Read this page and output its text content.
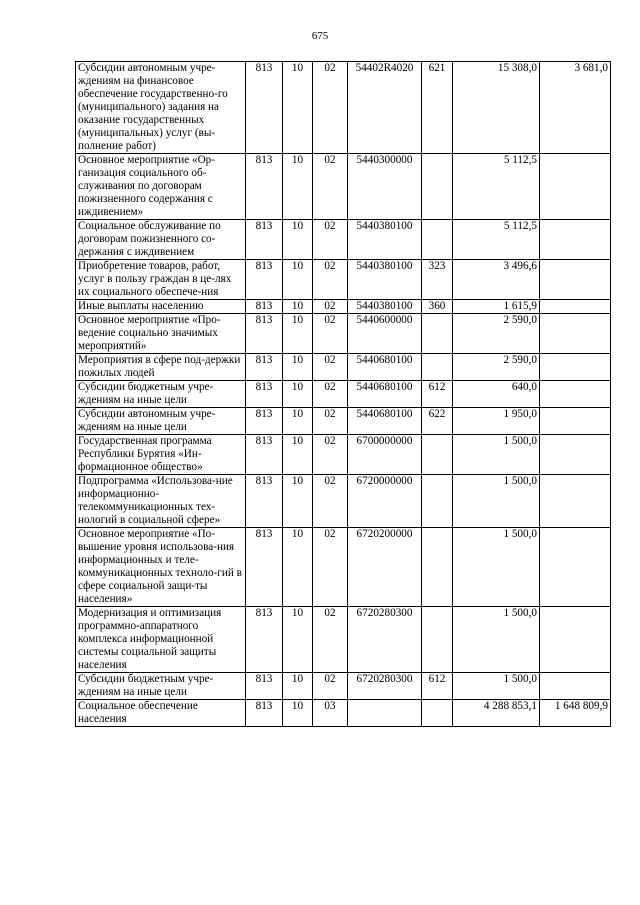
675
Субсидии автономным учре-ждениям на финансовое обеспечение государственно-го (муниципального) задания на оказание государственных (муниципальных) услуг (вы-полнение работ)	813	10	02	54402R4020	621	15 308,0	3 681,0
Основное мероприятие «Ор-ганизация социального об-служивания по договорам пожизненного содержания с иждивением»	813	10	02	5440300000		5 112,5	
Социальное обслуживание по договорам пожизненного со-держания с иждивением	813	10	02	5440380100		5 112,5	
Приобретение товаров, работ, услуг в пользу граждан в це-лях их социального обеспече-ния	813	10	02	5440380100	323	3 496,6	
Иные выплаты населению	813	10	02	5440380100	360	1 615,9	
Основное мероприятие «Про-ведение социально значимых мероприятий»	813	10	02	5440600000		2 590,0	
Мероприятия в сфере под-держки пожилых людей	813	10	02	5440680100		2 590,0	
Субсидии бюджетным учре-ждениям на иные цели	813	10	02	5440680100	612	640,0	
Субсидии автономным учре-ждениям на иные цели	813	10	02	5440680100	622	1 950,0	
Государственная программа Республики Бурятия «Ин-формационное общество»	813	10	02	6700000000		1 500,0	
Подпрограмма «Использова-ние информационно-телекоммуникационных тех-нологий в социальной сфере»	813	10	02	6720000000		1 500,0	
Основное мероприятие «По-вышение уровня использова-ния информационных и теле-коммуникационных техноло-гий в сфере социальной защи-ты населения»	813	10	02	6720200000		1 500,0	
Модернизация и оптимизация программно-аппаратного комплекса информационной системы социальной защиты населения	813	10	02	6720280300		1 500,0	
Субсидии бюджетным учре-ждениям на иные цели	813	10	02	6720280300	612	1 500,0	
Социальное обеспечение населения	813	10	03			4 288 853,1	1 648 809,9
